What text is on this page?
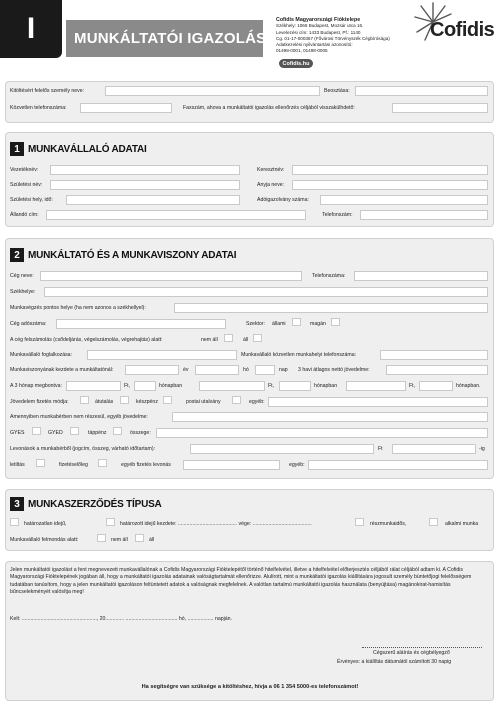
I	MUNKÁLTATÓI IGAZOLÁS
Cofidis Magyarországi Fióktelepe
Székhely: 1066 Budapest, Mozsár utca 16.
Levelezési cím: 1433 Budapest, Pf.: 1140
Cg. 01-17-000367 (Fővárosi Törvényszék Cégbírósága)
Adatkezelési nyilvántartási azonosító:
01498-0001, 01498-0005
Cofidis.hu
Cofidis
Kitöltésért felelős személy neve:	Beosztása:
Közvetlen telefonszáma:	Faxszám, ahova a munkáltatói igazolás ellenőrzés céljából visszakülhdető:
1 MUNKAVÁLLALÓ ADATAI
Vezetéknév:	Keresztnév:
Születési név:	Anyja neve:
Születési hely, idő:	Adóigazolvány száma:
Állandó cím:	Telefonszám:
2 MUNKÁLTATÓ ÉS A MUNKAVISZONY ADATAI
Cég neve:	Telefonszáma:
Székhelye:
Munkavégzés pontos helye (ha nem azonos a székhellyel):
Cég adószáma:	Szektor: állami	magán
A cég felszámolás (csődeljárás, végelszámolás, végrehajtás) alatt:	nem áll	áll
Munkavállaló foglalkozása:	Munkavállaló közvetlen munkahelyi telefonszáma:
Munkaviszonyának kezdete a munkáltatónál:	év	hó	nap 3 havi átlagos nettó jövedelme:
A 3 hónap megbontva:	Ft,	hónapban	Ft,	hónapban	Ft,	hónapban.
Jövedelem fizetés módja:	átutalás	készpénz	postai utalvány	egyéb:
Amennyiben munkabérben nem részesül, egyéb jövedelme:
GYES	GYED	táppénz	összege:
Levonások a munkabérből (jogcím, összeg, várható időtartam):	Ft	-ig
letiltás	fizetéselőleg	egyéb fizetés levonás	egyéb:
3 MUNKASZERZŐDÉS TÍPUSA
határozatlan idejű,	határozott idejű kezdete: ......................................... vége: .........................................	részmunkaidős,	alkalmi munka
Munkavállaló felmondás alatt:	nem áll	áll
Jelen munkáltatói igazolást a fent megnevezett munkavállalónak a Cofidis Magyarországi Fióktelepétől történő hitelfelvétel, illetve a hitelfelvétel előterjesztés céljából rálat céljából adtam ki. A Cofidis Magyarországi Fióktelepének jogában áll, hogy a munkáltatói igazolás adatainak valóságtartalmát ellenőrizze. Alulírott, mint a munkáltatói igazolás kiállítására jogosult személy büntetőjogi felelősségem tudatában tanúsítom, hogy a jelen munkáltatói igazoláson feltüntetett adatok a valóságnak megfelelnek. A valótlan tartalmú munkáltatói igazolás használata (benyújtása) magánokirat-hamisítás bűncselekményét valósítja meg!
Kelt: ...................................................., 20............. .................................... hó, .................. napján.
Cégszerű aláírás és cégbélyegző
Érvényes: a kiállítás dátumától számított 30 napig
Ha segítségre van szüksége a kitöltéshez, hívja a 06 1 354 5000-es telefonszámot!
